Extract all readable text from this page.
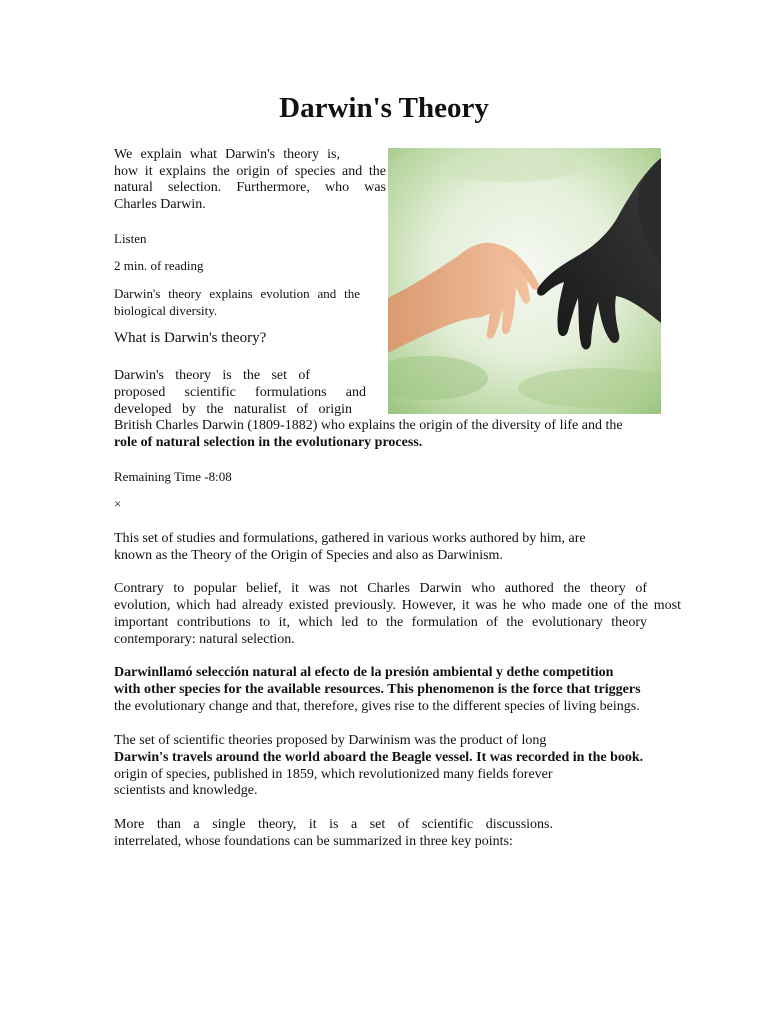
Darwin's Theory
We explain what Darwin's theory is,
how it explains the origin of species and the
natural selection. Furthermore, who was
Charles Darwin.
Listen
2 min. of reading
Darwin's theory explains evolution and the
biological diversity.
What is Darwin's theory?
Darwin's theory is the set of
proposed scientific formulations and
developed by the naturalist of origin
British Charles Darwin (1809-1882) who explains the origin of the diversity of life and the
role of natural selection in the evolutionary process.
Remaining Time -8:08
×
This set of studies and formulations, gathered in various works authored by him, are
known as the Theory of the Origin of Species and also as Darwinism.
Contrary to popular belief, it was not Charles Darwin who authored the theory of
evolution, which had already existed previously. However, it was he who made one of the most
important contributions to it, which led to the formulation of the evolutionary theory
contemporary: natural selection.
Darwinllamó selección natural al efecto de la presión ambiental y dethe competition
with other species for the available resources. This phenomenon is the force that triggers
the evolutionary change and that, therefore, gives rise to the different species of living beings.
The set of scientific theories proposed by Darwinism was the product of long
Darwin's travels around the world aboard the Beagle vessel. It was recorded in the book.
origin of species, published in 1859, which revolutionized many fields forever
scientists and knowledge.
More than a single theory, it is a set of scientific discussions.
interrelated, whose foundations can be summarized in three key points:
